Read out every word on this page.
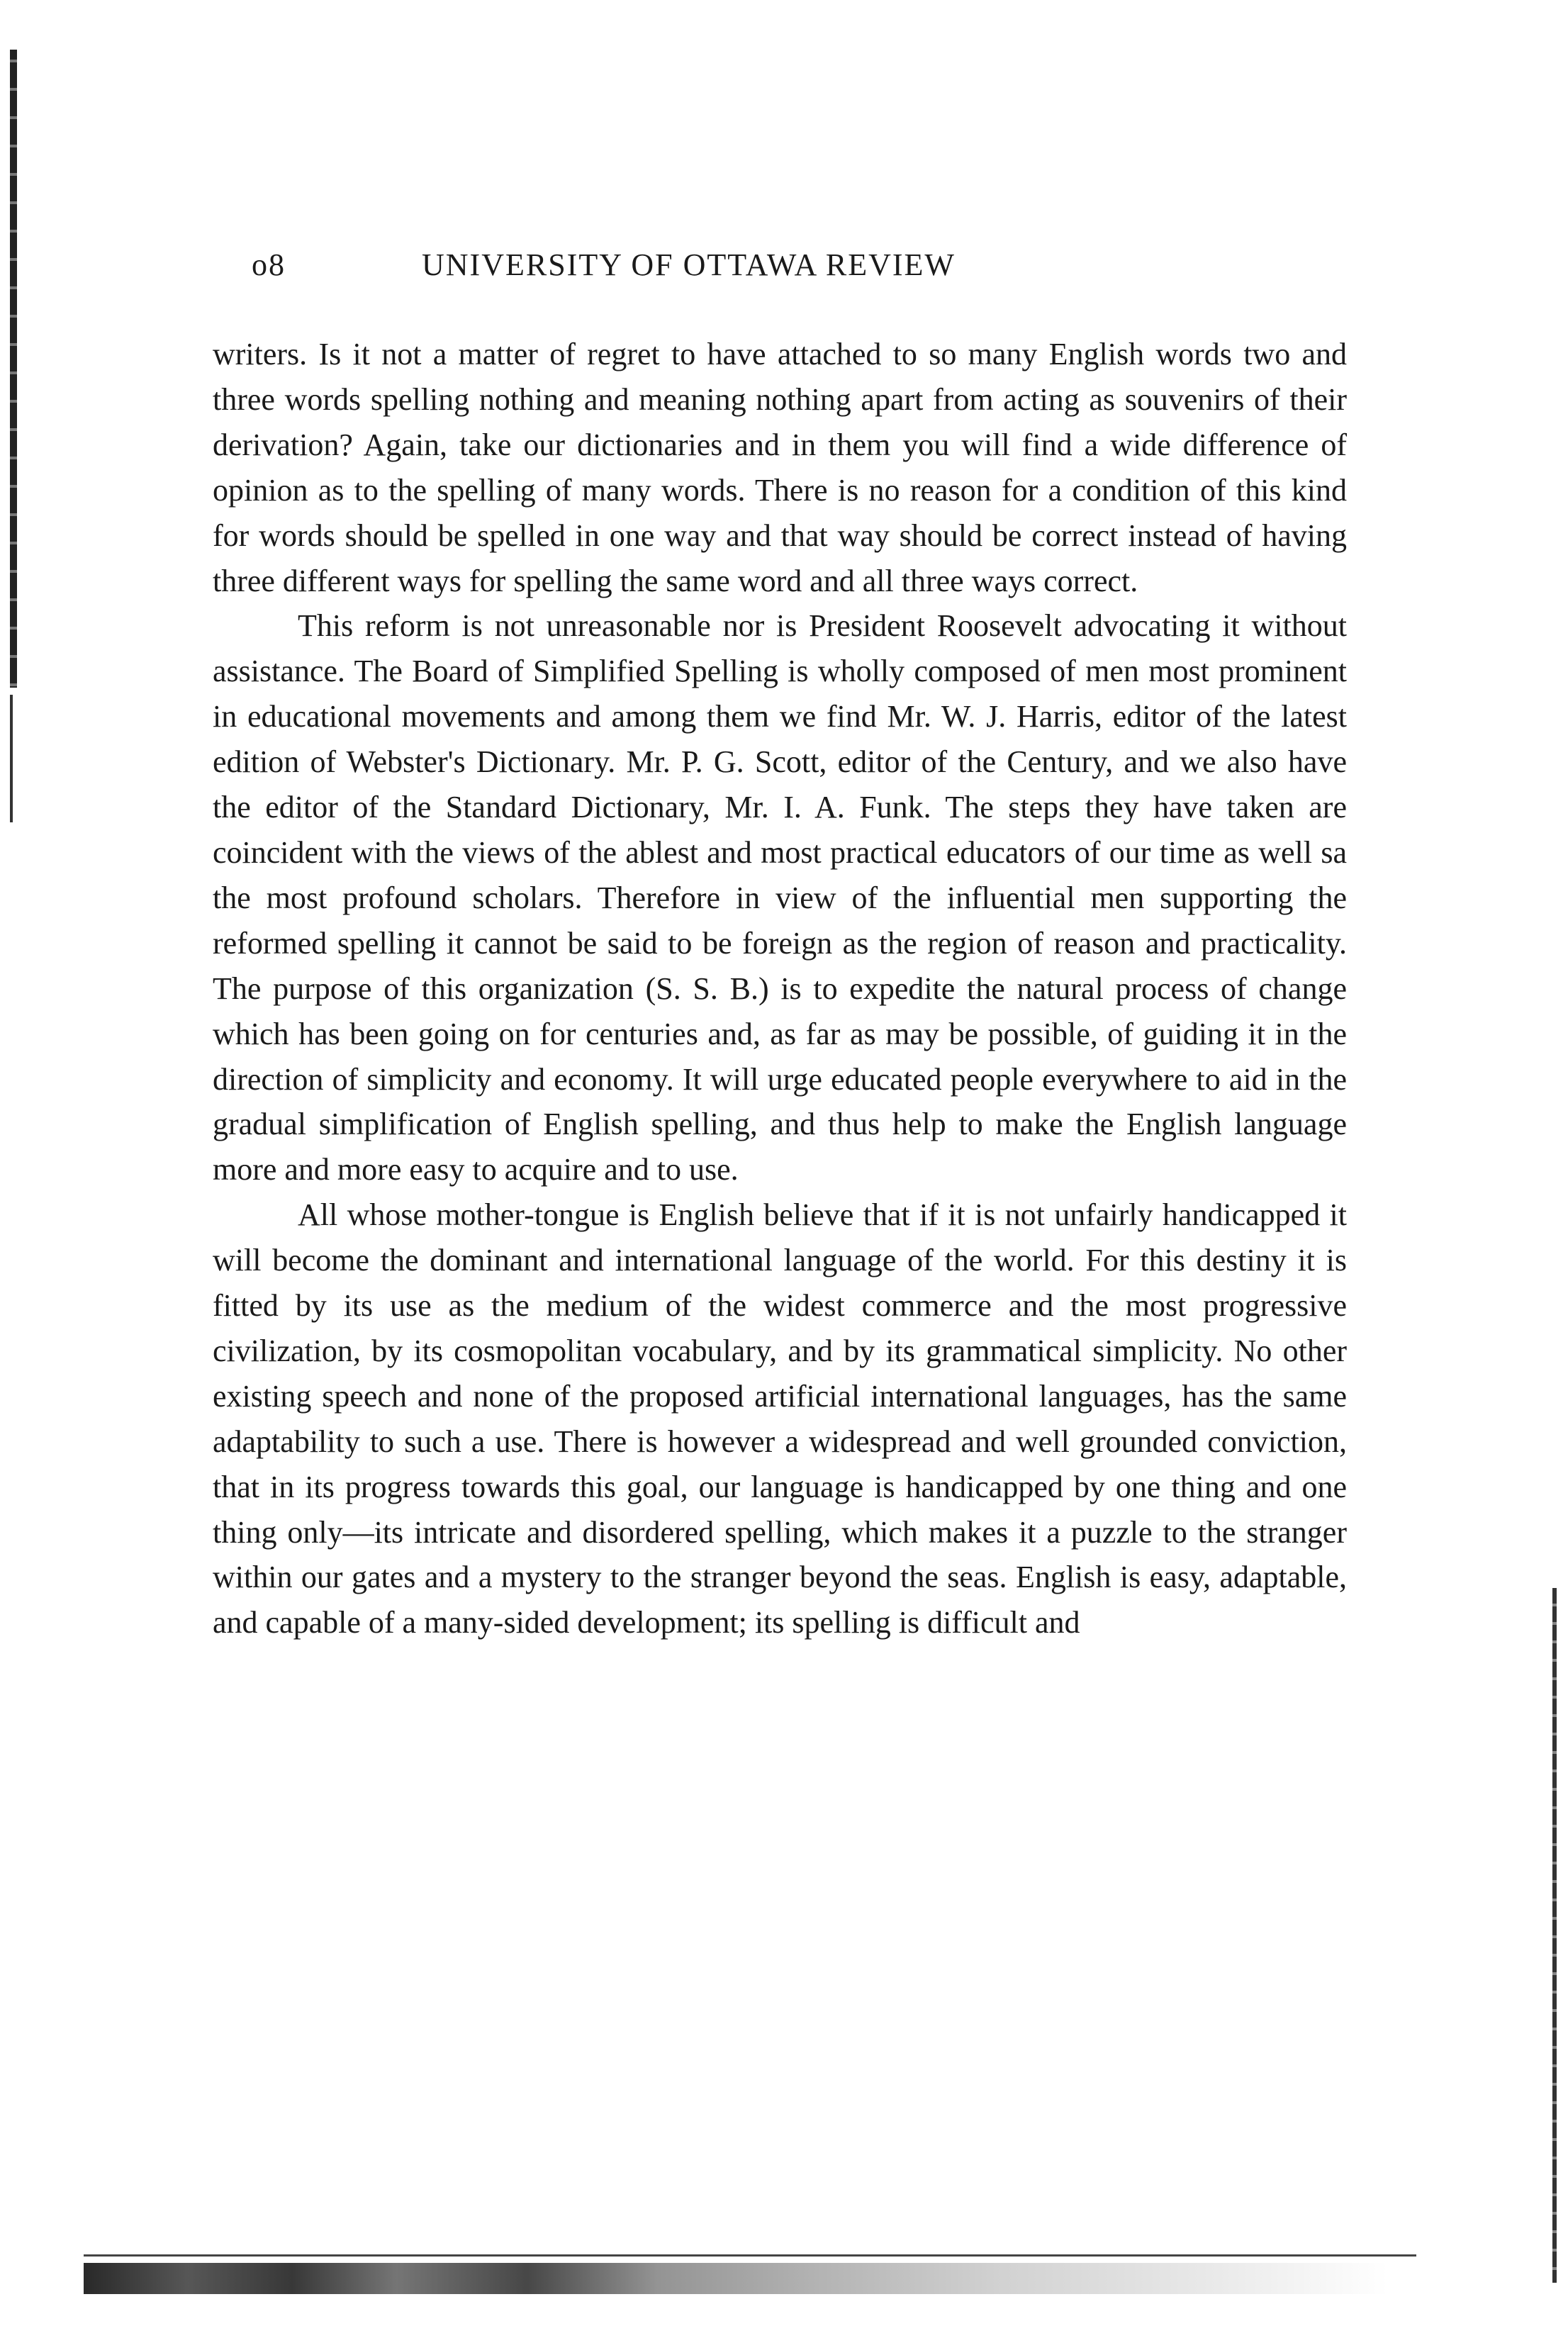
o8	UNIVERSITY OF OTTAWA REVIEW

writers. Is it not a matter of regret to have attached to so many English words two and three words spelling nothing and meaning nothing apart from acting as souvenirs of their derivation? Again, take our dictionaries and in them you will find a wide difference of opinion as to the spelling of many words. There is no reason for a condition of this kind for words should be spelled in one way and that way should be correct instead of having three different ways for spelling the same word and all three ways correct.

This reform is not unreasonable nor is President Roosevelt advocating it without assistance. The Board of Simplified Spelling is wholly composed of men most prominent in educational movements and among them we find Mr. W. J. Harris, editor of the latest edition of Webster's Dictionary. Mr. P. G. Scott, editor of the Century, and we also have the editor of the Standard Dictionary, Mr. I. A. Funk. The steps they have taken are coincident with the views of the ablest and most practical educators of our time as well sa the most profound scholars. Therefore in view of the influential men supporting the reformed spelling it cannot be said to be foreign as the region of reason and practicality. The purpose of this organization (S. S. B.) is to expedite the natural process of change which has been going on for centuries and, as far as may be possible, of guiding it in the direction of simplicity and economy. It will urge educated people everywhere to aid in the gradual simplification of English spelling, and thus help to make the English language more and more easy to acquire and to use.

All whose mother-tongue is English believe that if it is not unfairly handicapped it will become the dominant and international language of the world. For this destiny it is fitted by its use as the medium of the widest commerce and the most progressive civilization, by its cosmopolitan vocabulary, and by its grammatical simplicity. No other existing speech and none of the proposed artificial international languages, has the same adaptability to such a use. There is however a widespread and well grounded conviction, that in its progress towards this goal, our language is handicapped by one thing and one thing only—its intricate and disordered spelling, which makes it a puzzle to the stranger within our gates and a mystery to the stranger beyond the seas. English is easy, adaptable, and capable of a many-sided development; its spelling is difficult and
